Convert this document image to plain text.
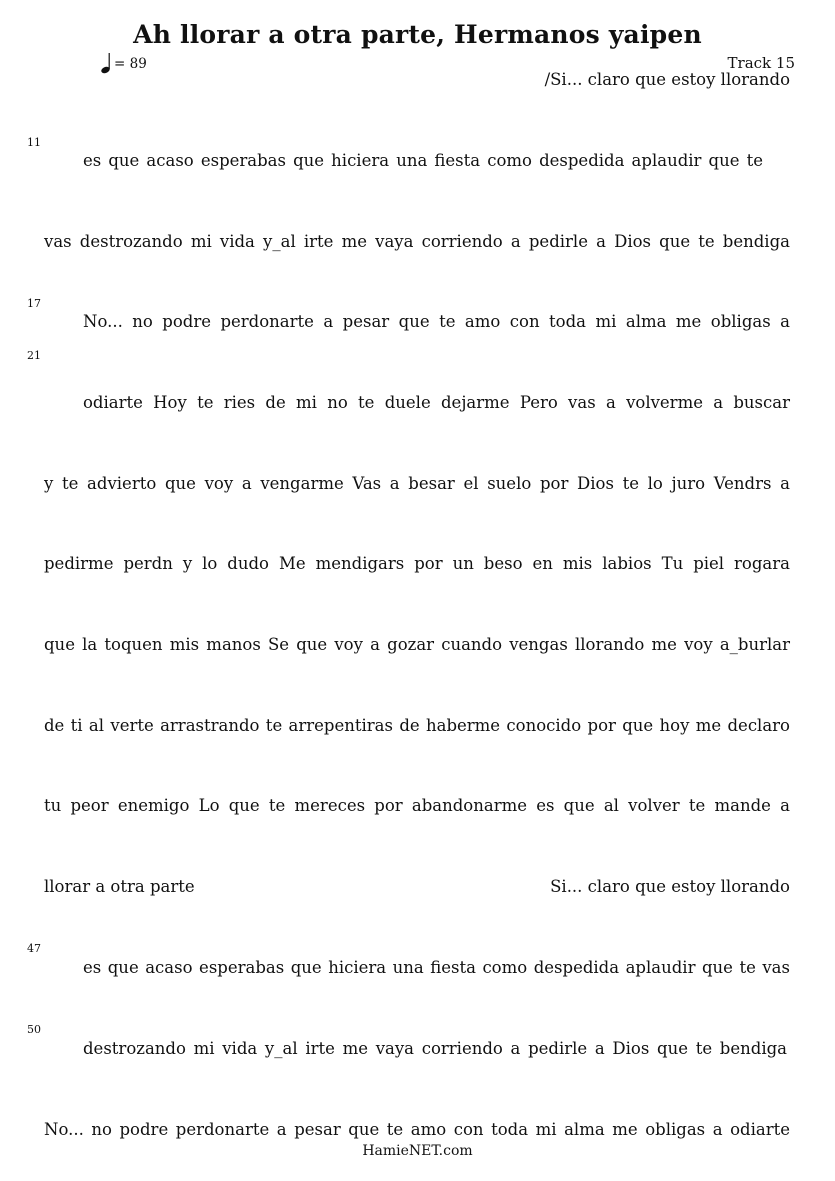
Ah llorar a otra parte, Hermanos yaipen
= 89	Track 15
/Si... claro que estoy llorando
11
es que acaso esperabas que hiciera una fiesta como despedida aplaudir que te
vas destrozando mi vida y_al irte me vaya corriendo a pedirle a Dios que te bendiga
17
No... no podre perdonarte a pesar que te amo con toda mi alma me obligas a
21
odiarte Hoy te ries de mi no te duele dejarme Pero vas a volverme a buscar
y te advierto que voy a vengarme Vas a besar el suelo por Dios te lo juro Vendrs a
pedirme perdn y lo dudo Me mendigars por un beso en mis labios Tu piel rogara
que la toquen mis manos Se que voy a gozar cuando vengas llorando me voy a_burlar
de ti al verte arrastrando te arrepentiras de haberme conocido por que hoy me declaro
tu peor enemigo Lo que te mereces por abandonarme es que al volver te mande a
llorar a otra parte	Si... claro que estoy llorando
47
es que acaso esperabas que hiciera una fiesta como despedida aplaudir que te vas
50
destrozando mi vida y_al irte me vaya corriendo a pedirle a Dios que te bendiga
No... no podre perdonarte a pesar que te amo con toda mi alma me obligas a odiarte
HamieNET.com
